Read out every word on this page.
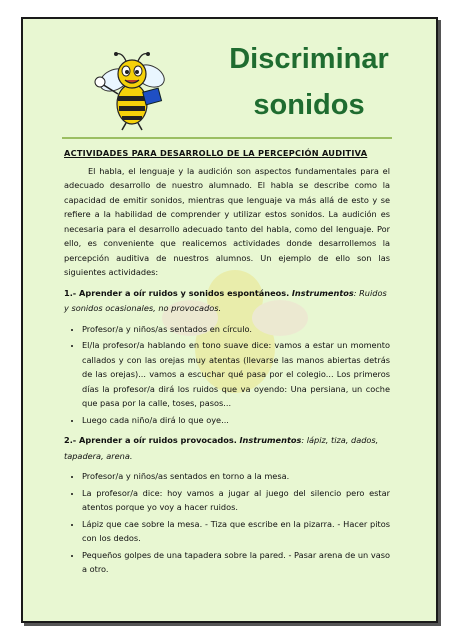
Discriminar
sonidos

ACTIVIDADES PARA DESARROLLO DE LA PERCEPCIÓN AUDITIVA

El habla, el lenguaje y la audición son aspectos fundamentales para el adecuado desarrollo de nuestro alumnado. El habla se describe como la capacidad de emitir sonidos, mientras que lenguaje va más allá de esto y se refiere a la habilidad de comprender y utilizar estos sonidos. La audición es necesaria para el desarrollo adecuado tanto del habla, como del lenguaje. Por ello, es conveniente que realicemos actividades donde desarrollemos la percepción auditiva de nuestros alumnos. Un ejemplo de ello son las siguientes actividades:

1.- Aprender a oír ruidos y sonidos espontáneos. Instrumentos: Ruidos y sonidos ocasionales, no provocados.

• Profesor/a y niños/as sentados en círculo.
• El/la profesor/a hablando en tono suave dice: vamos a estar un momento callados y con las orejas muy atentas (llevarse las manos abiertas detrás de las orejas)... vamos a escuchar qué pasa por el colegio... Los primeros días la profesor/a dirá los ruidos que va oyendo: Una persiana, un coche que pasa por la calle, toses, pasos...
• Luego cada niño/a dirá lo que oye...

2.- Aprender a oír ruidos provocados. Instrumentos: lápiz, tiza, dados, tapadera, arena.

• Profesor/a y niños/as sentados en torno a la mesa.
• La profesor/a dice: hoy vamos a jugar al juego del silencio pero estar atentos porque yo voy a hacer ruidos.
• Lápiz que cae sobre la mesa. - Tiza que escribe en la pizarra. - Hacer pitos con los dedos.
• Pequeños golpes de una tapadera sobre la pared. - Pasar arena de un vaso a otro.
